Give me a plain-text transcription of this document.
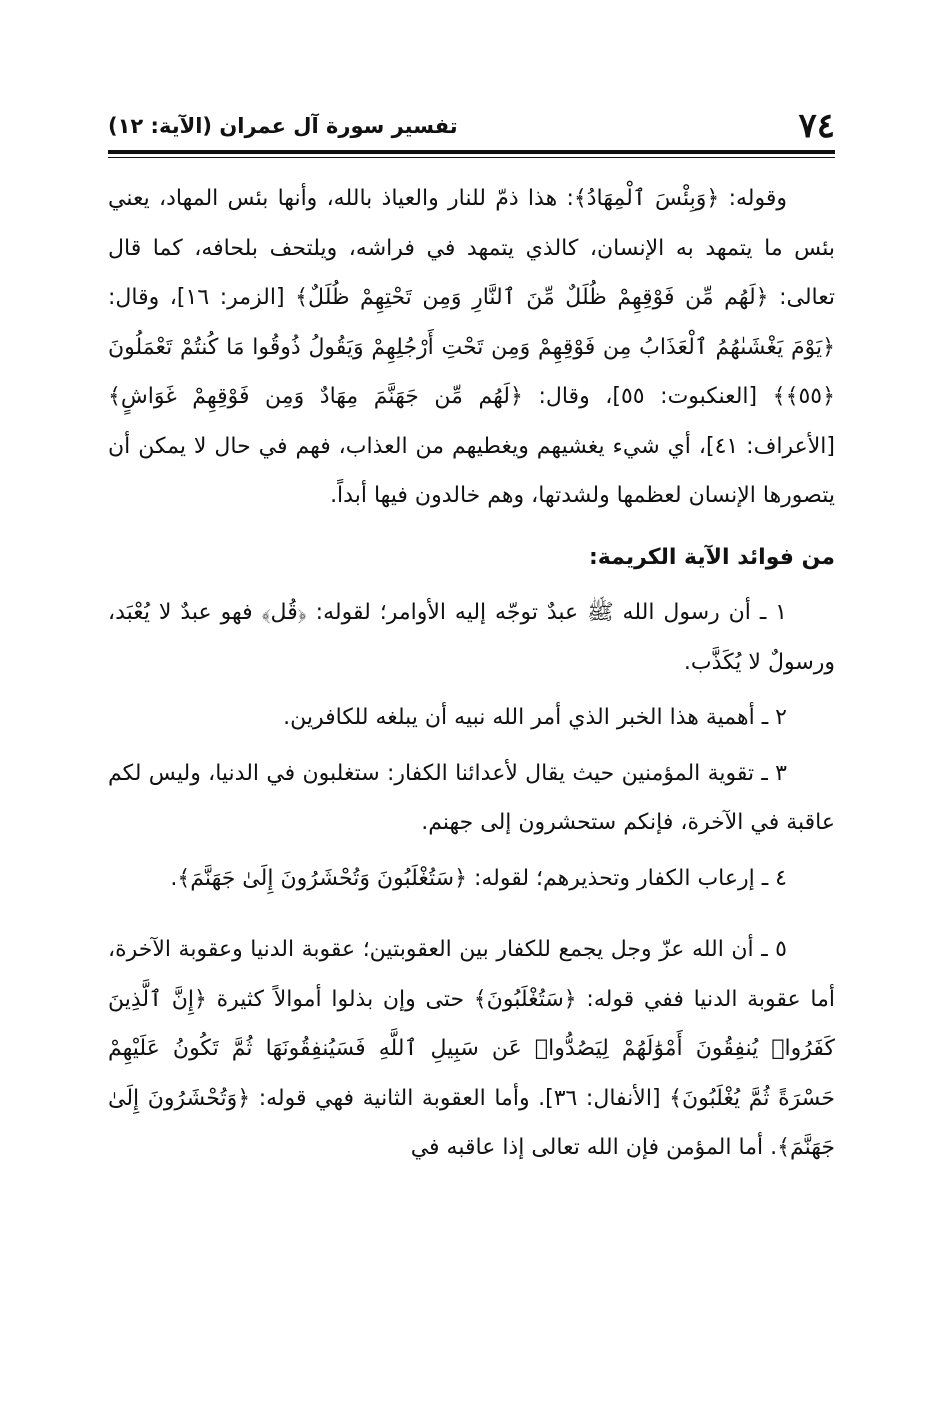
٧٤
تفسير سورة آل عمران (الآية: ١٢)

وقوله: ﴿وَبِئْسَ ٱلْمِهَادُ﴾: هذا ذمّ للنار والعياذ بالله، وأنها بئس المهاد، يعني بئس ما يتمهد به الإنسان، كالذي يتمهد في فراشه، ويلتحف بلحافه، كما قال تعالى: ﴿لَهُم مِّن فَوْقِهِمْ ظُلَلٌ مِّنَ ٱلنَّارِ وَمِن تَحْتِهِمْ ظُلَلٌ﴾ [الزمر: ١٦]، وقال: ﴿يَوْمَ يَغْشَىٰهُمُ ٱلْعَذَابُ مِن فَوْقِهِمْ وَمِن تَحْتِ أَرْجُلِهِمْ وَيَقُولُ ذُوقُوا مَا كُنتُمْ تَعْمَلُونَ ﴿٥٥﴾﴾ [العنكبوت: ٥٥]، وقال: ﴿لَهُم مِّن جَهَنَّمَ مِهَادٌ وَمِن فَوْقِهِمْ غَوَاشٍ﴾ [الأعراف: ٤١]، أي شيء يغشيهم ويغطيهم من العذاب، فهم في حال لا يمكن أن يتصورها الإنسان لعظمها ولشدتها، وهم خالدون فيها أبداً.

من فوائد الآية الكريمة:

١ ـ أن رسول الله ﷺ عبدٌ توجّه إليه الأوامر؛ لقوله: ﴿قُل﴾ فهو عبدٌ لا يُعْبَد، ورسولٌ لا يُكَذَّب.

٢ ـ أهمية هذا الخبر الذي أمر الله نبيه أن يبلغه للكافرين.

٣ ـ تقوية المؤمنين حيث يقال لأعدائنا الكفار: ستغلبون في الدنيا، وليس لكم عاقبة في الآخرة، فإنكم ستحشرون إلى جهنم.

٤ ـ إرعاب الكفار وتحذيرهم؛ لقوله: ﴿سَتُغْلَبُونَ وَتُحْشَرُونَ إِلَىٰ جَهَنَّمَ﴾.

٥ ـ أن الله عزّ وجل يجمع للكفار بين العقوبتين؛ عقوبة الدنيا وعقوبة الآخرة، أما عقوبة الدنيا ففي قوله: ﴿سَتُغْلَبُونَ﴾ حتى وإن بذلوا أموالاً كثيرة ﴿إِنَّ ٱلَّذِينَ كَفَرُوا۟ يُنفِقُونَ أَمْوَٰلَهُمْ لِيَصُدُّوا۟ عَن سَبِيلِ ٱللَّهِ فَسَيُنفِقُونَهَا ثُمَّ تَكُونُ عَلَيْهِمْ حَسْرَةً ثُمَّ يُغْلَبُونَ﴾ [الأنفال: ٣٦]. وأما العقوبة الثانية فهي قوله: ﴿وَتُحْشَرُونَ إِلَىٰ جَهَنَّمَ﴾. أما المؤمن فإن الله تعالى إذا عاقبه في
